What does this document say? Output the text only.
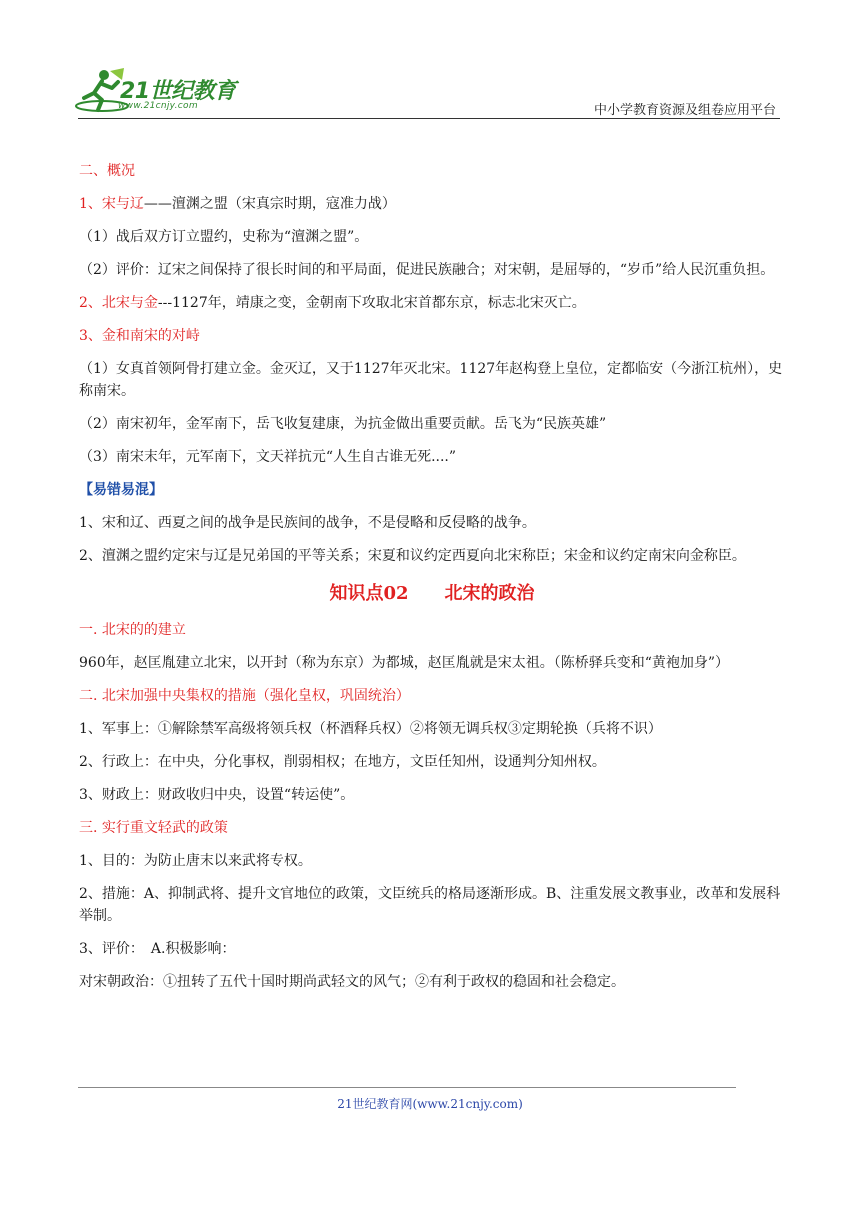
21世纪教育
www.21cnjy.com	中小学教育资源及组卷应用平台
二、概况
1、宋与辽——澶渊之盟（宋真宗时期，寇准力战）
（1）战后双方订立盟约，史称为“澶渊之盟”。
（2）评价：辽宋之间保持了很长时间的和平局面，促进民族融合；对宋朝，是屈辱的，“岁币”给人民沉重负担。
2、北宋与金---1127年，靖康之变，金朝南下攻取北宋首都东京，标志北宋灭亡。
3、金和南宋的对峙
（1）女真首领阿骨打建立金。金灭辽，又于1127年灭北宋。1127年赵构登上皇位，定都临安（今浙江杭州），史称南宋。
（2）南宋初年，金军南下，岳飞收复建康，为抗金做出重要贡献。岳飞为“民族英雄”
（3）南宋末年，元军南下，文天祥抗元“人生自古谁无死....”
【易错易混】
1、宋和辽、西夏之间的战争是民族间的战争，不是侵略和反侵略的战争。
2、澶渊之盟约定宋与辽是兄弟国的平等关系；宋夏和议约定西夏向北宋称臣；宋金和议约定南宋向金称臣。
知识点02　　北宋的政治
一. 北宋的的建立
960年，赵匡胤建立北宋，以开封（称为东京）为都城，赵匡胤就是宋太祖。（陈桥驿兵变和“黄袍加身”）
二. 北宋加强中央集权的措施（强化皇权，巩固统治）
1、军事上：①解除禁军高级将领兵权（杯酒释兵权）②将领无调兵权③定期轮换（兵将不识）
2、行政上：在中央，分化事权，削弱相权；在地方，文臣任知州，设通判分知州权。
3、财政上：财政收归中央，设置“转运使”。
三. 实行重文轻武的政策
1、目的：为防止唐末以来武将专权。
2、措施：A、抑制武将、提升文官地位的政策，文臣统兵的格局逐渐形成。B、注重发展文教事业，改革和发展科举制。
3、评价：　A.积极影响：
对宋朝政治：①扭转了五代十国时期尚武轻文的风气；②有利于政权的稳固和社会稳定。
21世纪教育网(www.21cnjy.com)
